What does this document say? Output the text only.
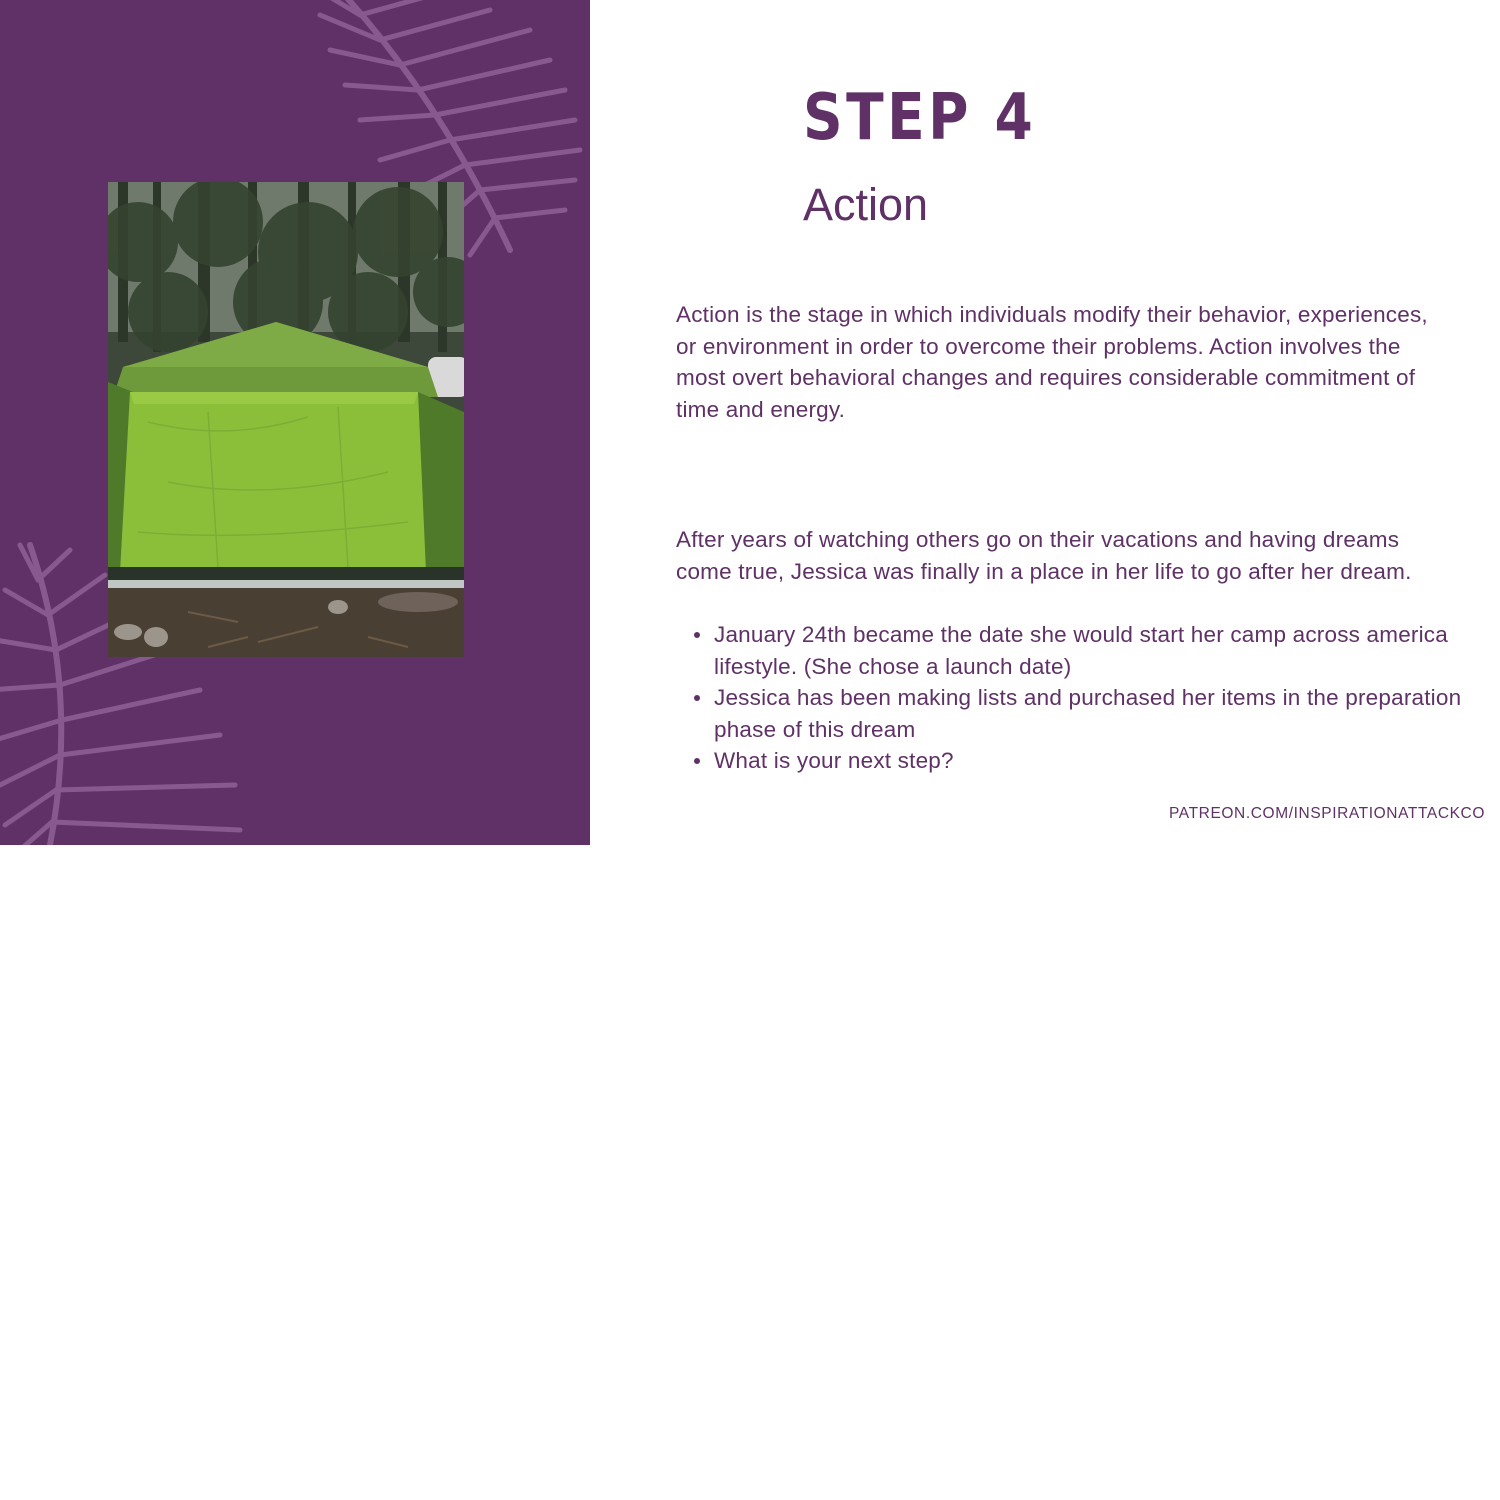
STEP 4
Action

Action is the stage in which individuals modify their behavior, experiences, or environment in order to overcome their problems. Action involves the most overt behavioral changes and requires considerable commitment of time and energy.

After years of watching others go on their vacations and having dreams come true, Jessica was finally in a place in her life to go after her dream.

January 24th became the date she would start her camp across america lifestyle. (She chose a launch date)
Jessica has been making lists and purchased her items in the preparation phase of this dream
What is your next step?

PATREON.COM/INSPIRATIONATTACKCO
